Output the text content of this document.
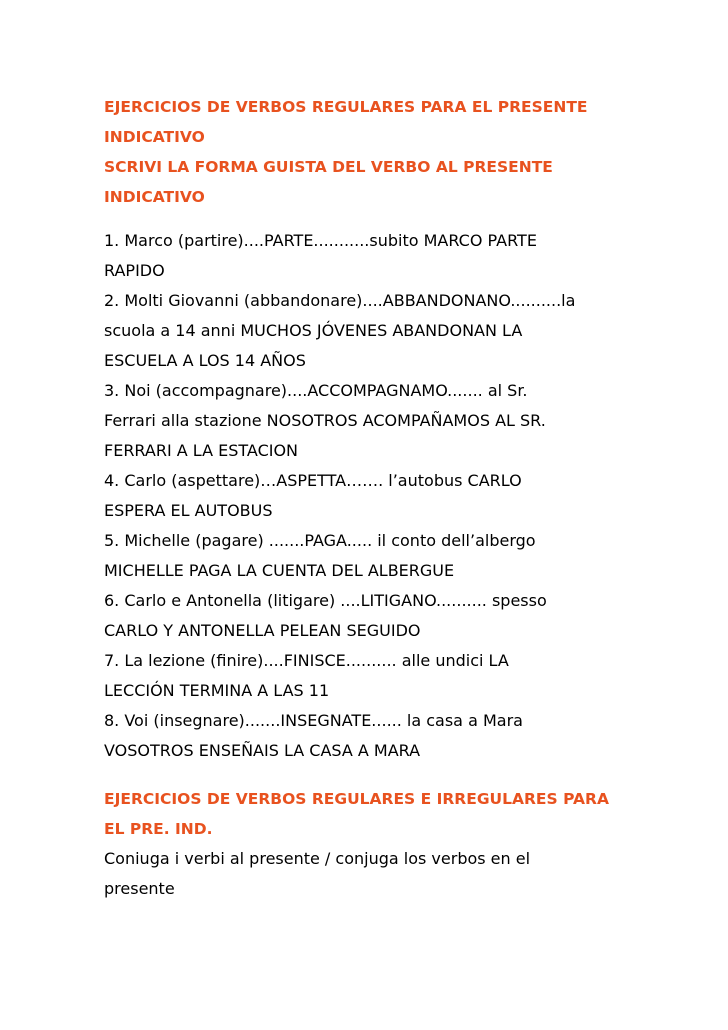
EJERCICIOS DE VERBOS REGULARES PARA EL PRESENTE
INDICATIVO
SCRIVI LA FORMA GUISTA DEL VERBO AL PRESENTE
INDICATIVO
1. Marco (partire)....PARTE...........subito MARCO PARTE
RAPIDO
2. Molti Giovanni (abbandonare)....ABBANDONANO..........la
scuola a 14 anni MUCHOS JÓVENES ABANDONAN LA
ESCUELA A LOS 14 AÑOS
3. Noi (accompagnare)....ACCOMPAGNAMO....... al Sr.
Ferrari alla stazione NOSOTROS ACOMPAÑAMOS AL SR.
FERRARI A LA ESTACION
4. Carlo (aspettare)…ASPETTA……. l’autobus CARLO
ESPERA EL AUTOBUS
5. Michelle (pagare) .......PAGA..... il conto dell’albergo
MICHELLE PAGA LA CUENTA DEL ALBERGUE
6. Carlo e Antonella (litigare) ....LITIGANO.......... spesso
CARLO Y ANTONELLA PELEAN SEGUIDO
7. La lezione (finire)....FINISCE.......... alle undici LA
LECCIÓN TERMINA A LAS 11
8. Voi (insegnare).......INSEGNATE...... la casa a Mara
VOSOTROS ENSEÑAIS LA CASA A MARA
EJERCICIOS DE VERBOS REGULARES E IRREGULARES PARA
EL PRE. IND.
Coniuga i verbi al presente / conjuga los verbos en el
presente
